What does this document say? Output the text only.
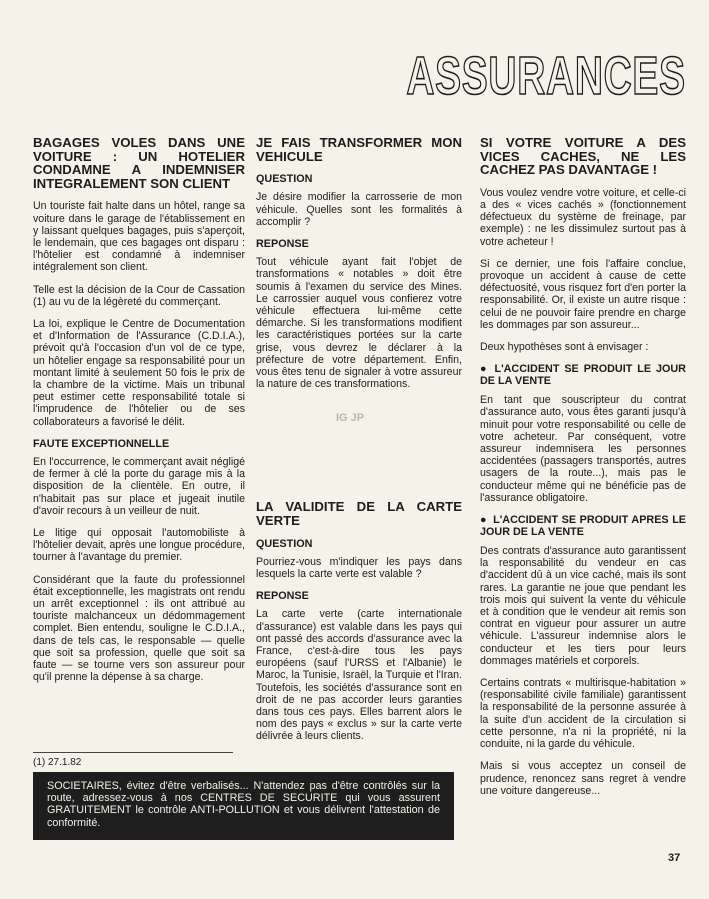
ASSURANCES
BAGAGES VOLES DANS UNE VOITURE : UN HOTELIER CONDAMNE A INDEMNISER INTEGRALEMENT SON CLIENT

Un touriste fait halte dans un hôtel, range sa voiture dans le garage de l'établissement en y laissant quelques bagages, puis s'aperçoit, le lendemain, que ces bagages ont disparu : l'hôtelier est condamné à indemniser intégralement son client.

Telle est la décision de la Cour de Cassation (1) au vu de la légèreté du commerçant.

La loi, explique le Centre de Documentation et d'Information de l'Assurance (C.D.I.A.), prévoit qu'à l'occasion d'un vol de ce type, un hôtelier engage sa responsabilité pour un montant limité à seulement 50 fois le prix de la chambre de la victime. Mais un tribunal peut estimer cette responsabilité totale si l'imprudence de l'hôtelier ou de ses collaborateurs a favorisé le délit.

FAUTE EXCEPTIONNELLE

En l'occurrence, le commerçant avait négligé de fermer à clé la porte du garage mis à la disposition de la clientèle. En outre, il n'habitait pas sur place et jugeait inutile d'avoir recours à un veilleur de nuit.

Le litige qui opposait l'automobiliste à l'hôtelier devait, après une longue procédure, tourner à l'avantage du premier.

Considérant que la faute du professionnel était exceptionnelle, les magistrats ont rendu un arrêt exceptionnel : ils ont attribué au touriste malchanceux un dédommagement complet. Bien entendu, souligne le C.D.I.A., dans de tels cas, le responsable — quelle que soit sa profession, quelle que soit sa faute — se tourne vers son assureur pour qu'il prenne la dépense à sa charge.

(1) 27.1.82
SOCIETAIRES, évitez d'être verbalisés... N'attendez pas d'être contrôlés sur la route, adressez-vous à nos CENTRES DE SECURITE qui vous assurent GRATUITEMENT le contrôle ANTI-POLLUTION et vous délivrent l'attestation de conformité.
JE FAIS TRANSFORMER MON VEHICULE
QUESTION

Je désire modifier la carrosserie de mon véhicule. Quelles sont les formalités à accomplir ?

REPONSE

Tout véhicule ayant fait l'objet de transformations « notables » doit être soumis à l'examen du service des Mines. Le carrossier auquel vous confierez votre véhicule effectuera lui-même cette démarche. Si les transformations modifient les caractéristiques portées sur la carte grise, vous devrez le déclarer à la préfecture de votre département. Enfin, vous êtes tenu de signaler à votre assureur la nature de ces transformations.

LA VALIDITE DE LA CARTE VERTE
QUESTION

Pourriez-vous m'indiquer les pays dans lesquels la carte verte est valable ?

REPONSE

La carte verte (carte internationale d'assurance) est valable dans les pays qui ont passé des accords d'assurance avec la France, c'est-à-dire tous les pays européens (sauf l'URSS et l'Albanie) le Maroc, la Tunisie, Israël, la Turquie et l'Iran. Toutefois, les sociétés d'assurance sont en droit de ne pas accorder leurs garanties dans tous ces pays. Elles barrent alors le nom des pays « exclus » sur la carte verte délivrée à leurs clients.

IG JP
SI VOTRE VOITURE A DES VICES CACHES, NE LES CACHEZ PAS DAVANTAGE !

Vous voulez vendre votre voiture, et celle-ci a des « vices cachés » (fonctionnement défectueux du système de freinage, par exemple) : ne les dissimulez surtout pas à votre acheteur !

Si ce dernier, une fois l'affaire conclue, provoque un accident à cause de cette défectuosité, vous risquez fort d'en porter la responsabilité. Or, il existe un autre risque : celui de ne pouvoir faire prendre en charge les dommages par son assureur...

Deux hypothèses sont à envisager :

● L'ACCIDENT SE PRODUIT LE JOUR DE LA VENTE

En tant que souscripteur du contrat d'assurance auto, vous êtes garanti jusqu'à minuit pour votre responsabilité ou celle de votre acheteur. Par conséquent, votre assureur indemnisera les personnes accidentées (passagers transportés, autres usagers de la route...), mais pas le conducteur même qui ne bénéficie pas de l'assurance obligatoire.

● L'ACCIDENT SE PRODUIT APRES LE JOUR DE LA VENTE

Des contrats d'assurance auto garantissent la responsabilité du vendeur en cas d'accident dû à un vice caché, mais ils sont rares. La garantie ne joue que pendant les trois mois qui suivent la vente du véhicule et à condition que le vendeur ait remis son contrat en vigueur pour assurer un autre véhicule. L'assureur indemnise alors le conducteur et les tiers pour leurs dommages matériels et corporels.

Certains contrats « multirisque-habitation » (responsabilité civile familiale) garantissent la responsabilité de la personne assurée à la suite d'un accident de la circulation si cette personne, n'a ni la propriété, ni la conduite, ni la garde du véhicule.

Mais si vous acceptez un conseil de prudence, renoncez sans regret à vendre une voiture dangereuse...

37
